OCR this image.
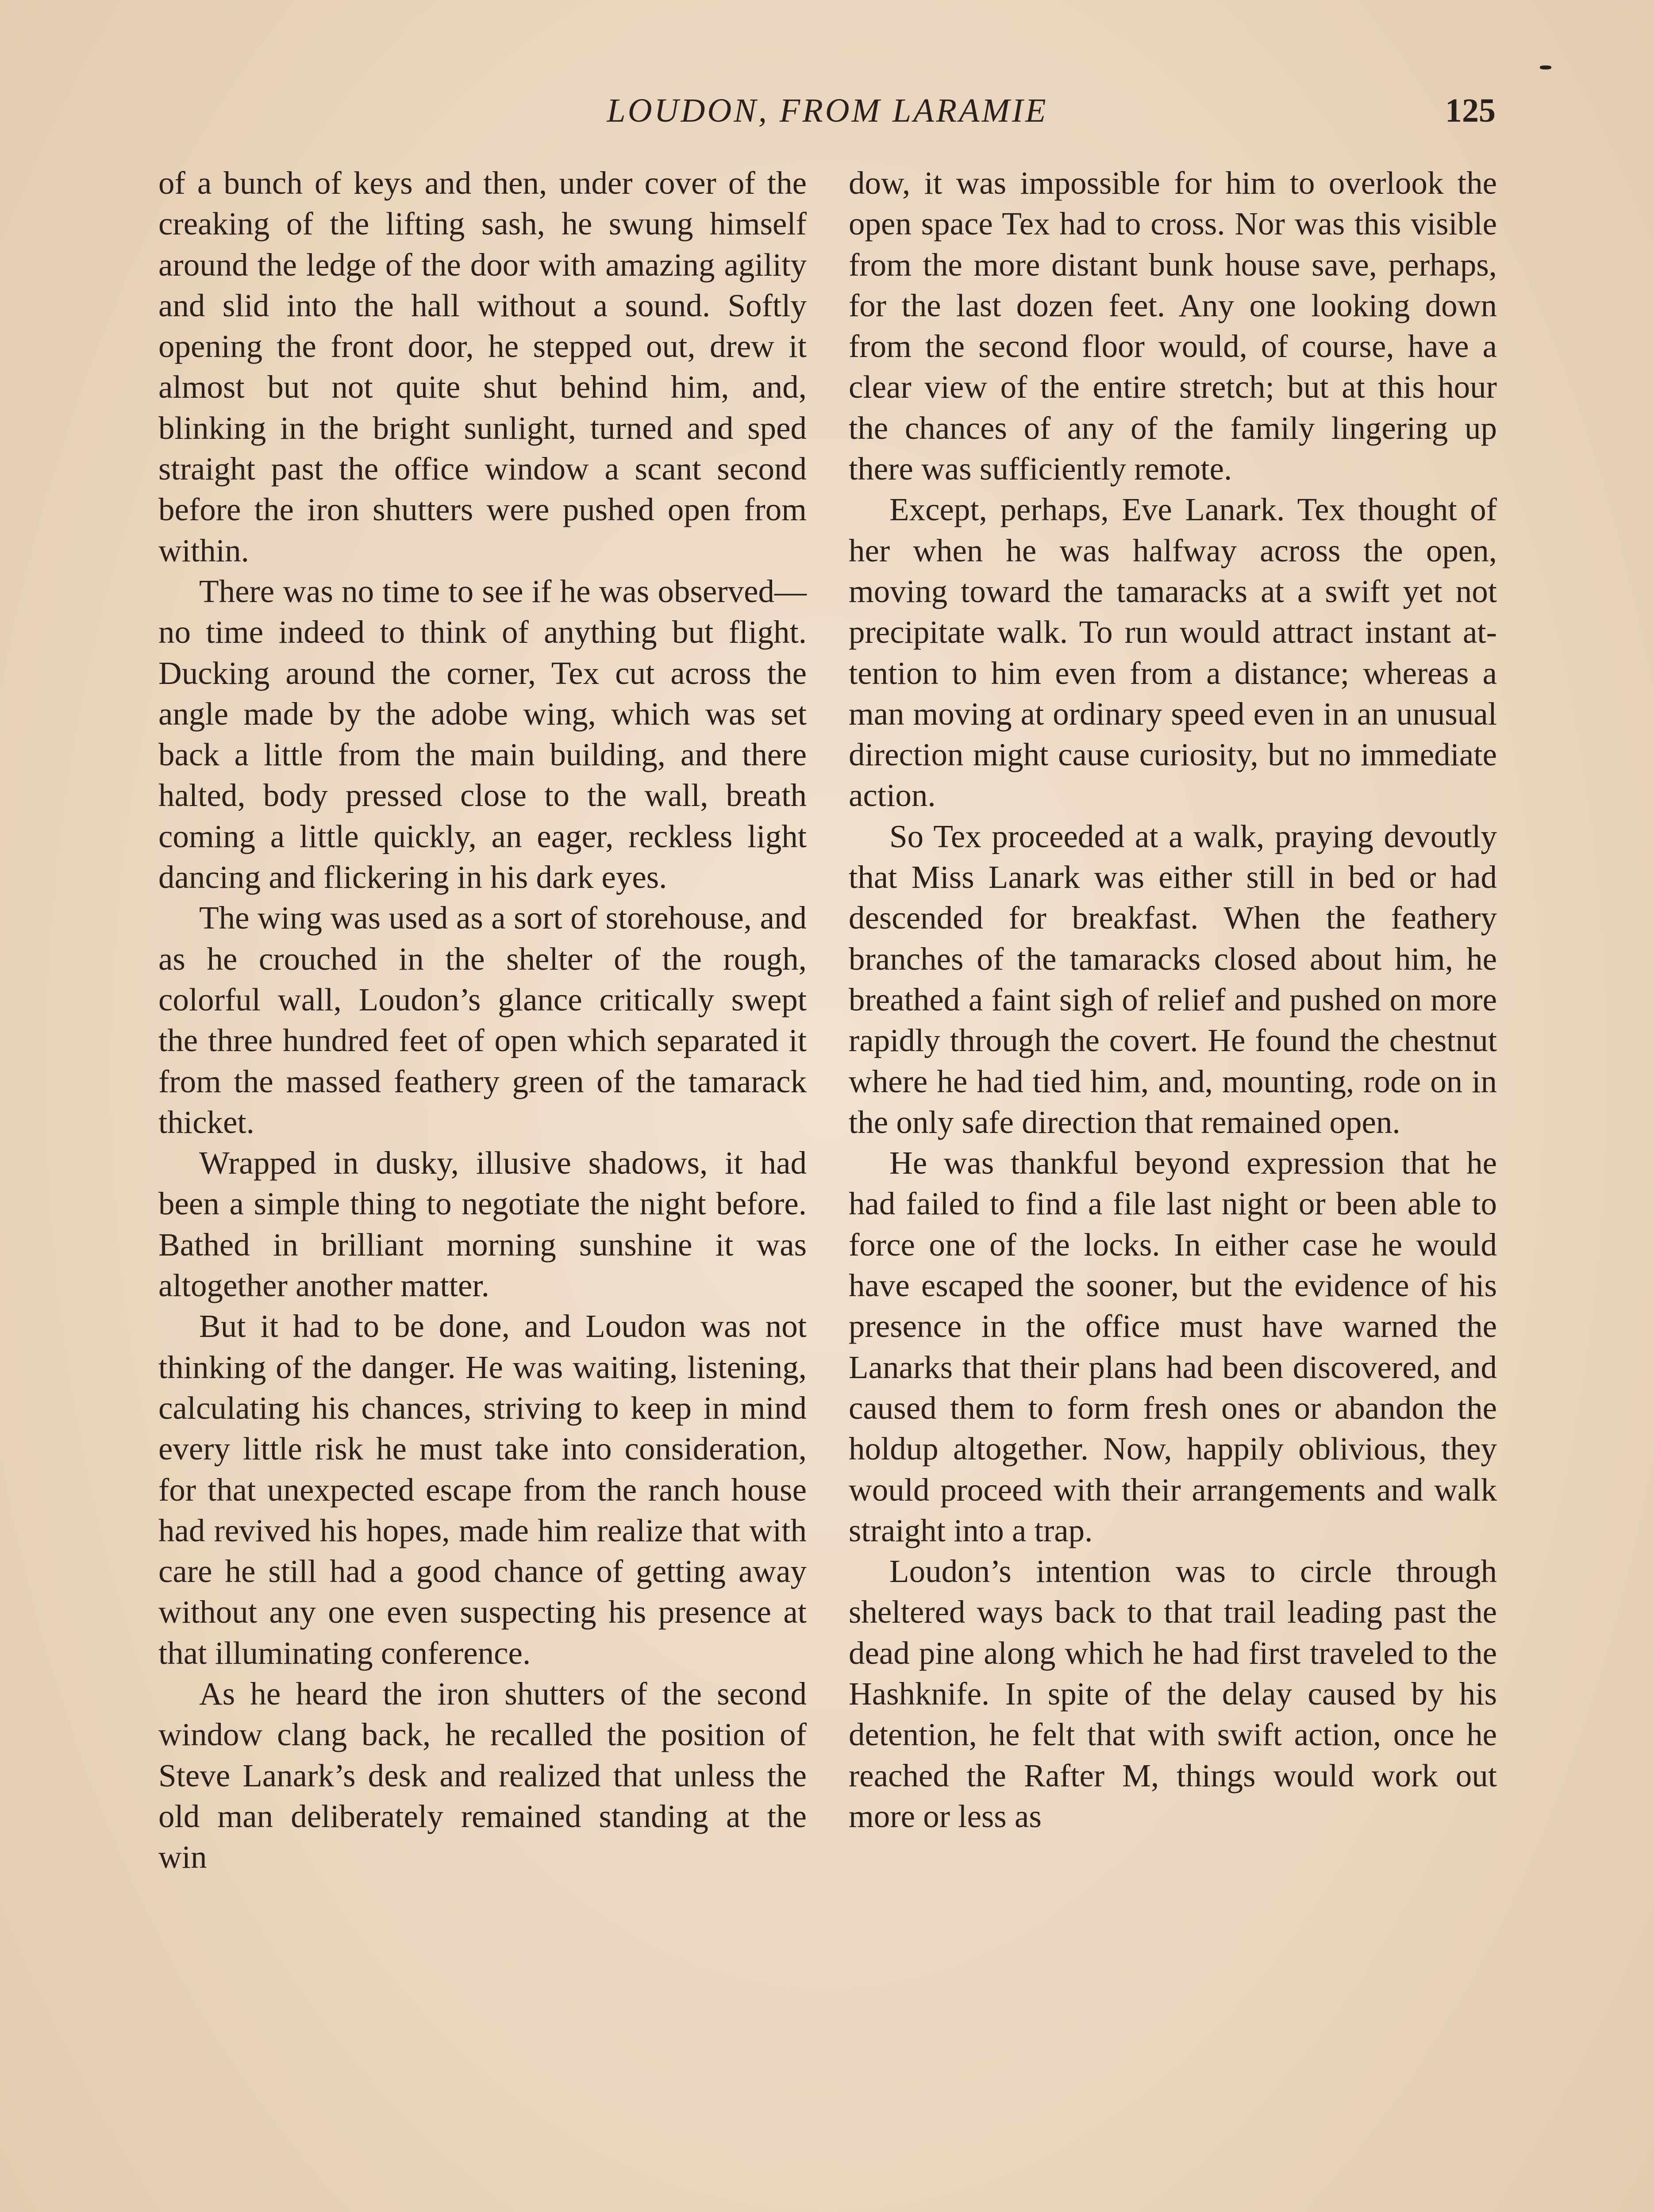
LOUDON, FROM LARAMIE	125

of a bunch of keys and then, under cover of the creaking of the lifting sash, he swung himself around the ledge of the door with amazing agility and slid into the hall without a sound. Softly opening the front door, he stepped out, drew it almost but not quite shut behind him, and, blinking in the bright sunlight, turned and sped straight past the office window a scant second before the iron shutters were pushed open from within.

There was no time to see if he was observed—no time indeed to think of anything but flight. Ducking around the corner, Tex cut across the angle made by the adobe wing, which was set back a little from the main building, and there halted, body pressed close to the wall, breath coming a little quickly, an eager, reckless light dancing and flickering in his dark eyes.

The wing was used as a sort of storehouse, and as he crouched in the shelter of the rough, colorful wall, Loudon’s glance critically swept the three hundred feet of open which separated it from the massed feathery green of the tamarack thicket.

Wrapped in dusky, illusive shadows, it had been a simple thing to negotiate the night before. Bathed in brilliant morning sunshine it was altogether another matter.

But it had to be done, and Loudon was not thinking of the danger. He was waiting, listening, calculating his chances, striving to keep in mind every little risk he must take into consideration, for that unexpected escape from the ranch house had revived his hopes, made him realize that with care he still had a good chance of getting away without any one even suspecting his presence at that illuminating conference.

As he heard the iron shutters of the second window clang back, he recalled the position of Steve Lanark’s desk and realized that unless the old man deliberately remained standing at the win

dow, it was impossible for him to overlook the open space Tex had to cross. Nor was this visible from the more distant bunk house save, perhaps, for the last dozen feet. Any one looking down from the second floor would, of course, have a clear view of the entire stretch; but at this hour the chances of any of the family lingering up there was sufficiently remote.

Except, perhaps, Eve Lanark. Tex thought of her when he was halfway across the open, moving toward the tamaracks at a swift yet not precipitate walk. To run would attract instant attention to him even from a distance; whereas a man moving at ordinary speed even in an unusual direction might cause curiosity, but no immediate action.

So Tex proceeded at a walk, praying devoutly that Miss Lanark was either still in bed or had descended for breakfast. When the feathery branches of the tamaracks closed about him, he breathed a faint sigh of relief and pushed on more rapidly through the covert. He found the chestnut where he had tied him, and, mounting, rode on in the only safe direction that remained open.

He was thankful beyond expression that he had failed to find a file last night or been able to force one of the locks. In either case he would have escaped the sooner, but the evidence of his presence in the office must have warned the Lanarks that their plans had been discovered, and caused them to form fresh ones or abandon the holdup altogether. Now, happily oblivious, they would proceed with their arrangements and walk straight into a trap.

Loudon’s intention was to circle through sheltered ways back to that trail leading past the dead pine along which he had first traveled to the Hashknife. In spite of the delay caused by his detention, he felt that with swift action, once he reached the Rafter M, things would work out more or less as
